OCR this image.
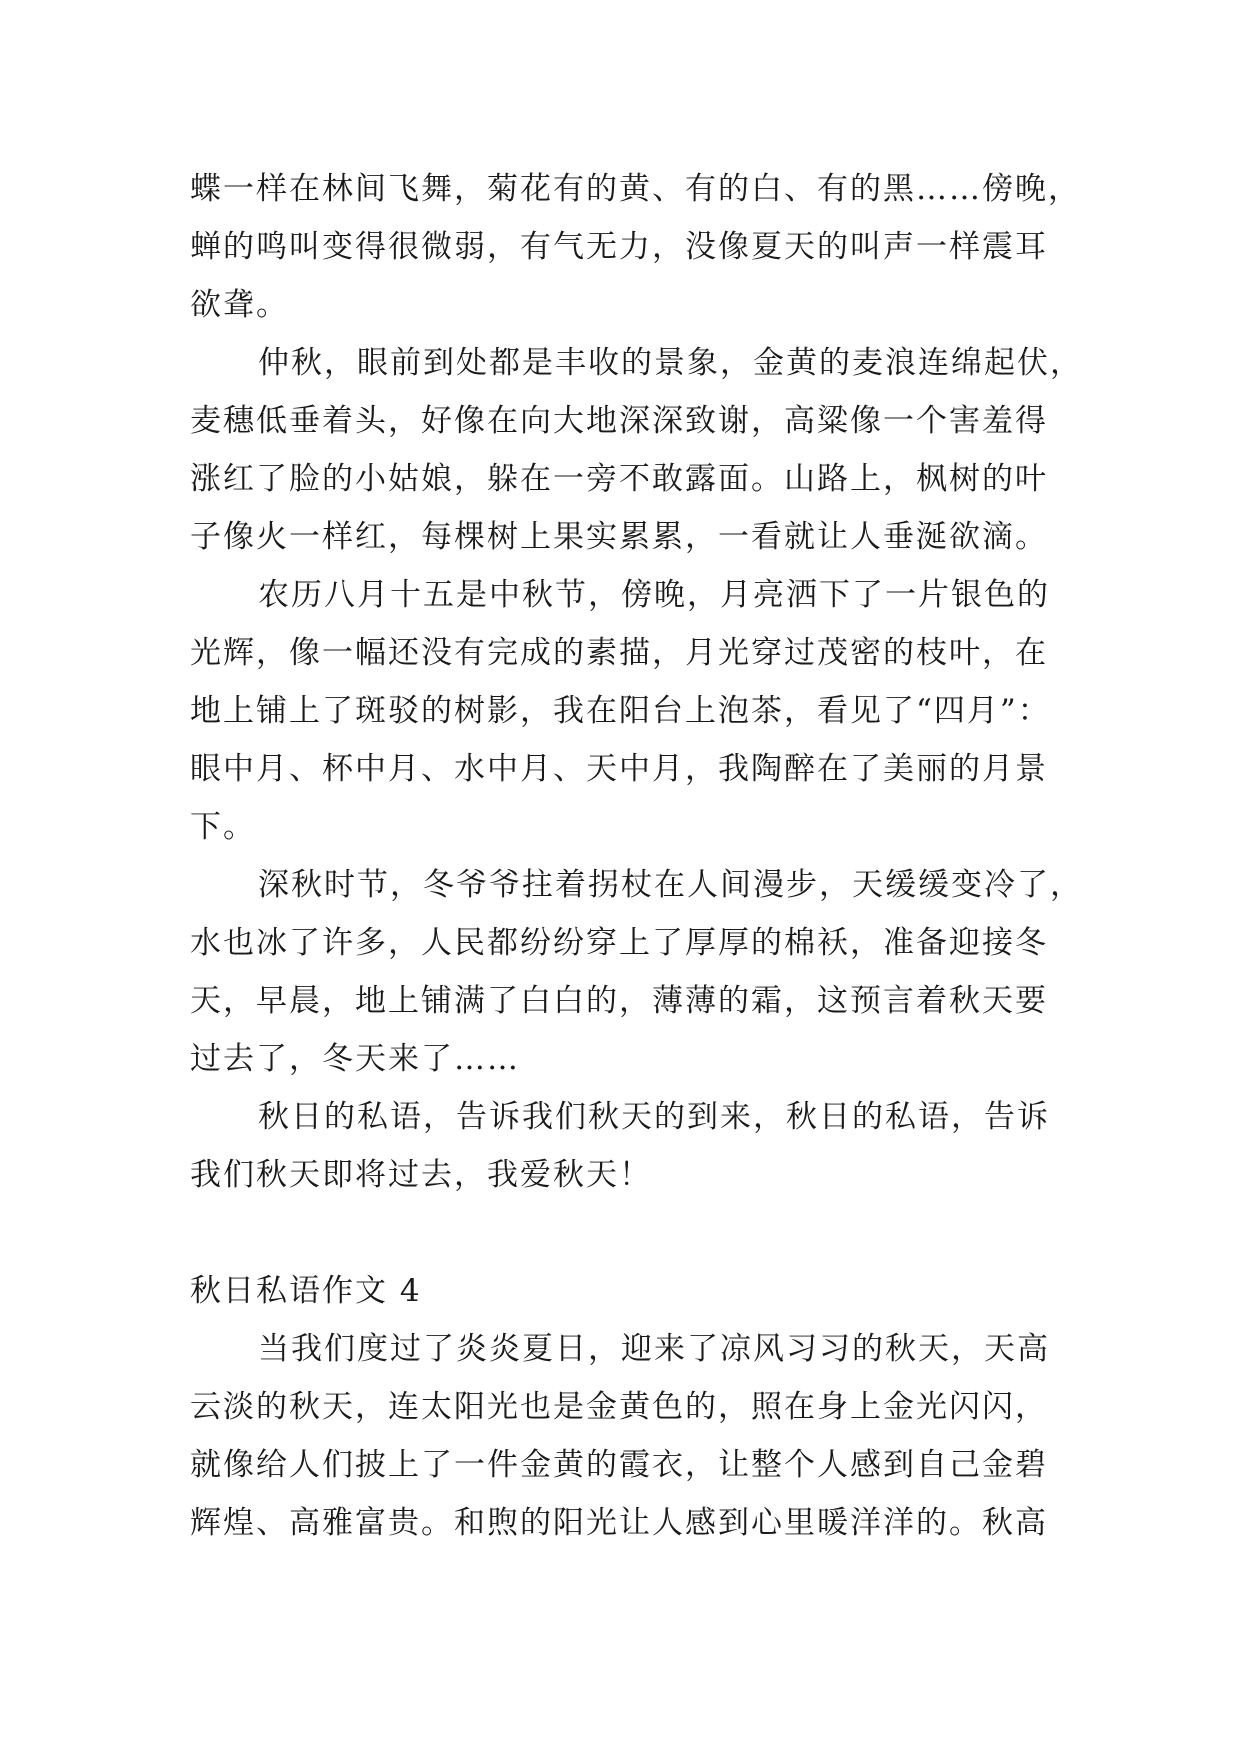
蝶一样在林间飞舞，菊花有的黄、有的白、有的黑……傍晚，
蝉的鸣叫变得很微弱，有气无力，没像夏天的叫声一样震耳
欲聋。
仲秋，眼前到处都是丰收的景象，金黄的麦浪连绵起伏，
麦穗低垂着头，好像在向大地深深致谢，高粱像一个害羞得
涨红了脸的小姑娘，躲在一旁不敢露面。山路上，枫树的叶
子像火一样红，每棵树上果实累累，一看就让人垂涎欲滴。
农历八月十五是中秋节，傍晚，月亮洒下了一片银色的
光辉，像一幅还没有完成的素描，月光穿过茂密的枝叶，在
地上铺上了斑驳的树影，我在阳台上泡茶，看见了“四月”：
眼中月、杯中月、水中月、天中月，我陶醉在了美丽的月景
下。
深秋时节，冬爷爷拄着拐杖在人间漫步，天缓缓变冷了，
水也冰了许多，人民都纷纷穿上了厚厚的棉袄，准备迎接冬
天，早晨，地上铺满了白白的，薄薄的霜，这预言着秋天要
过去了，冬天来了……
秋日的私语，告诉我们秋天的到来，秋日的私语，告诉
我们秋天即将过去，我爱秋天！
秋日私语作文 4
当我们度过了炎炎夏日，迎来了凉风习习的秋天，天高
云淡的秋天，连太阳光也是金黄色的，照在身上金光闪闪，
就像给人们披上了一件金黄的霞衣，让整个人感到自己金碧
辉煌、高雅富贵。和煦的阳光让人感到心里暖洋洋的。秋高
